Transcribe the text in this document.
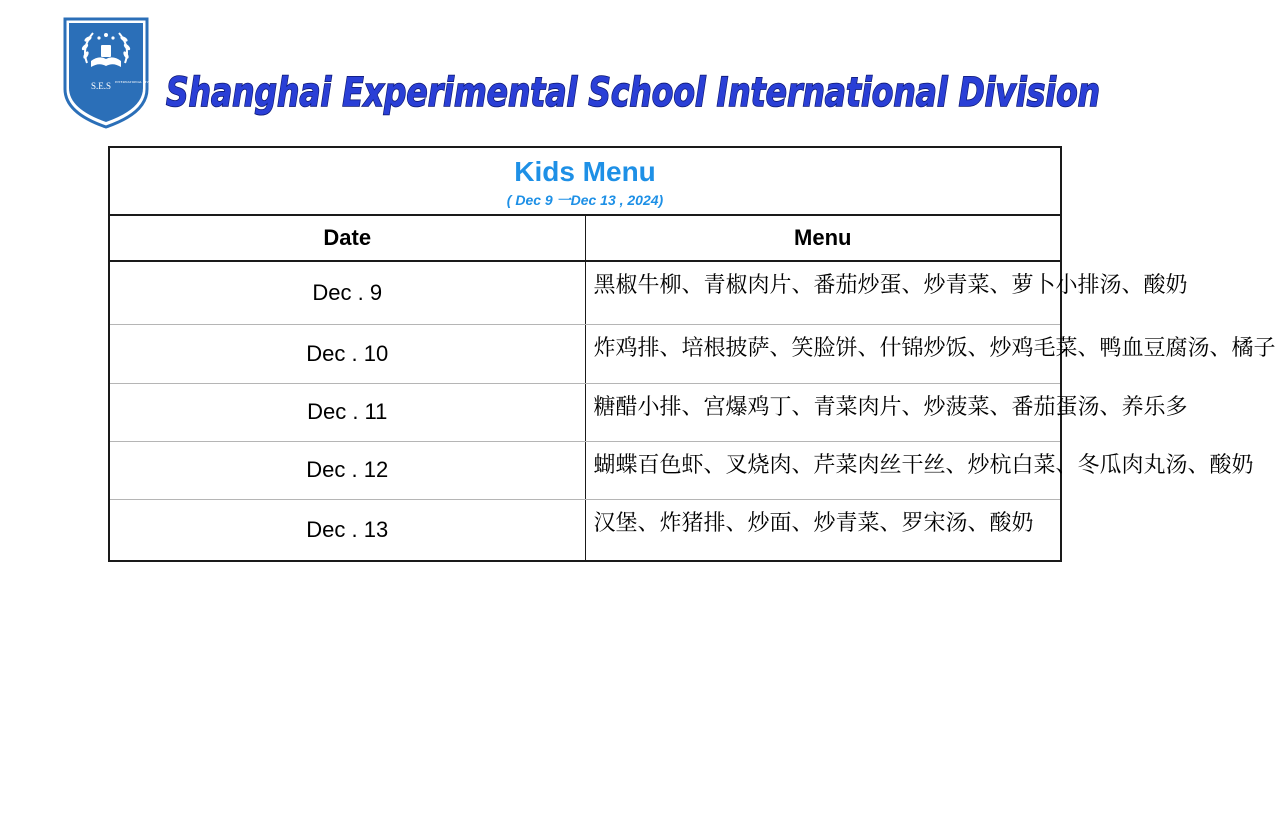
S.E.S INTERNATIONAL DIVISION Shanghai Experimental School International Division
Kids Menu
( Dec 9 一Dec 13 , 2024)	

Date	Menu
Dec . 9	黑椒牛柳、青椒肉片、番茄炒蛋、炒青菜、萝卜小排汤、酸奶
Dec . 10	炸鸡排、培根披萨、笑脸饼、什锦炒饭、炒鸡毛菜、鸭血豆腐汤、橘子
Dec . 11	糖醋小排、宫爆鸡丁、青菜肉片、炒菠菜、番茄蛋汤、养乐多
Dec . 12	蝴蝶百色虾、叉烧肉、芹菜肉丝干丝、炒杭白菜、冬瓜肉丸汤、酸奶
Dec . 13	汉堡、炸猪排、炒面、炒青菜、罗宋汤、酸奶
